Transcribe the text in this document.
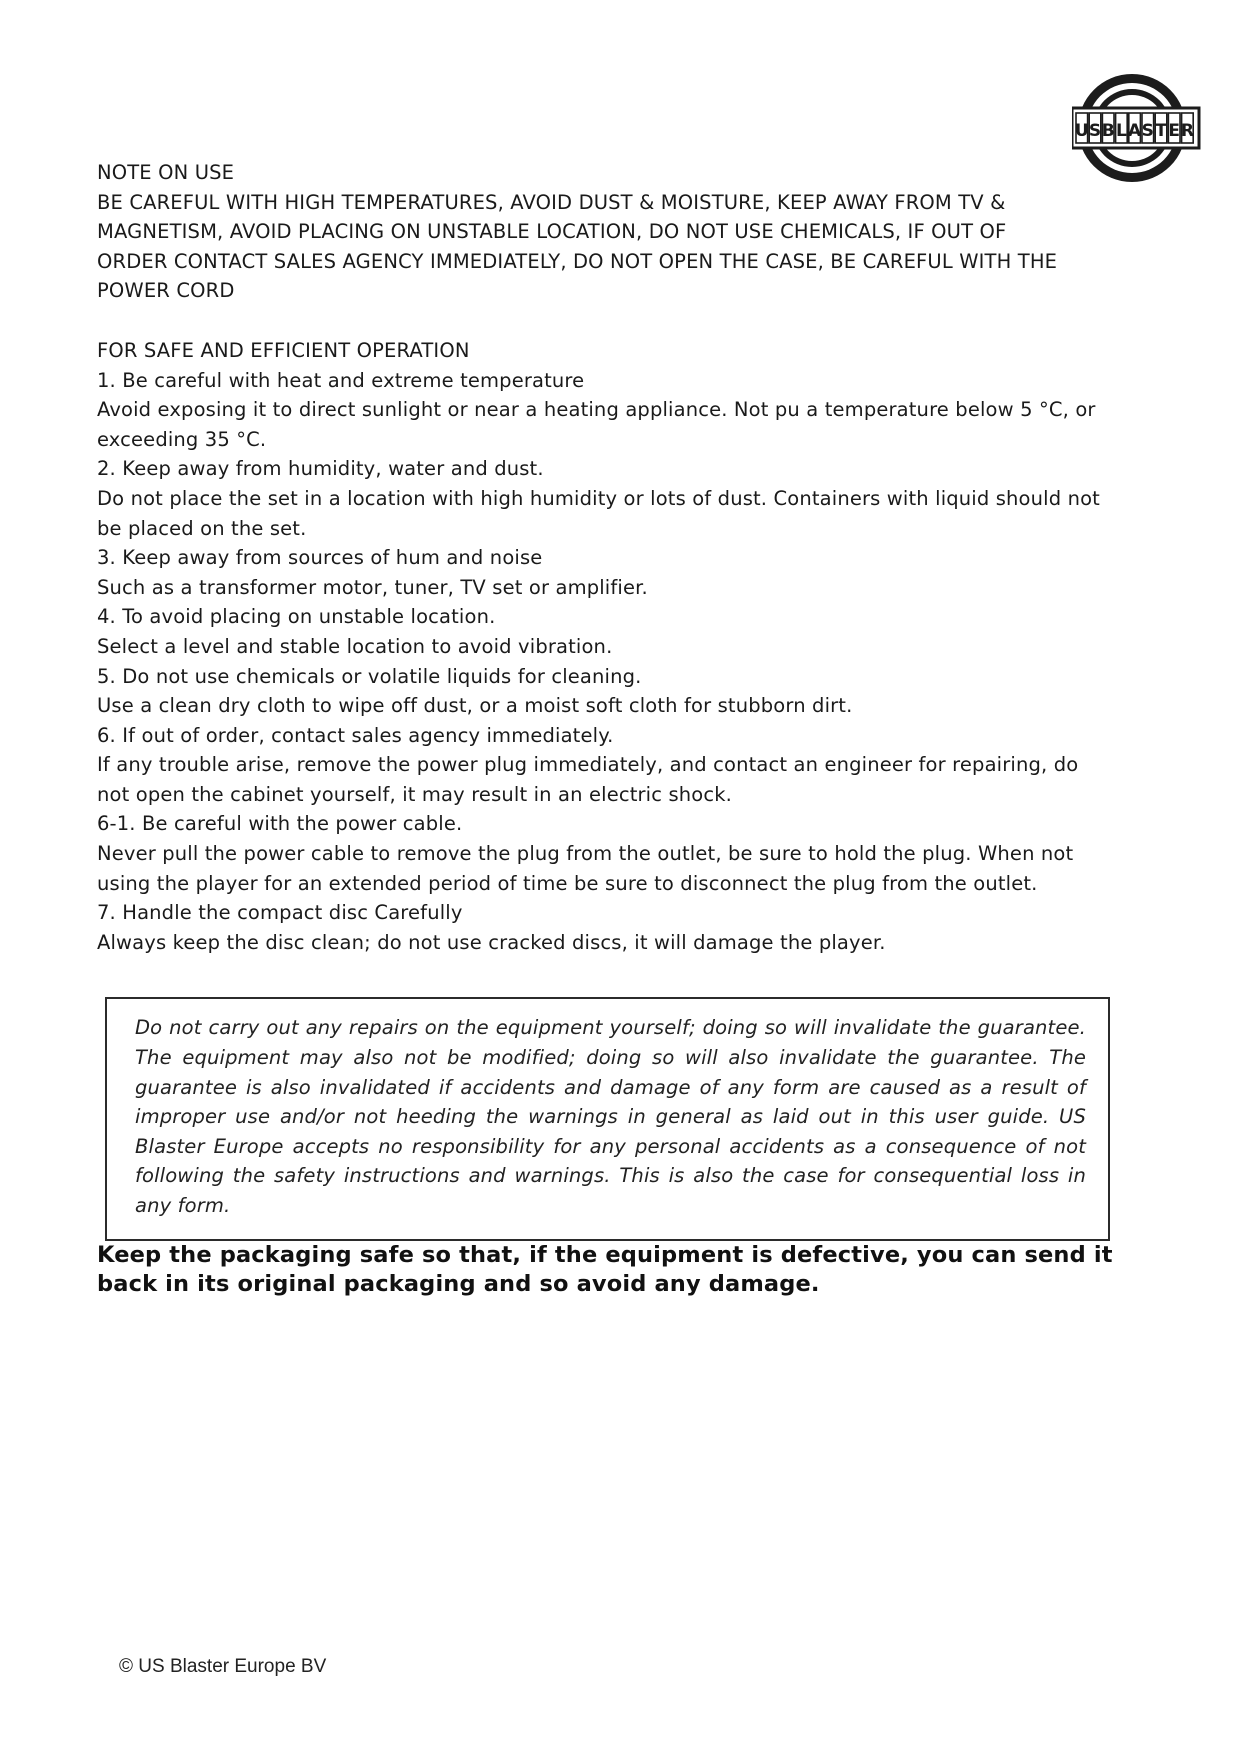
U S B L A S T E R

NOTE ON USE

BE CAREFUL WITH HIGH TEMPERATURES, AVOID DUST & MOISTURE, KEEP AWAY FROM TV &

MAGNETISM, AVOID PLACING ON UNSTABLE LOCATION, DO NOT USE CHEMICALS, IF OUT OF

ORDER CONTACT SALES AGENCY IMMEDIATELY, DO NOT OPEN THE CASE, BE CAREFUL WITH THE

POWER CORD

FOR SAFE AND EFFICIENT OPERATION

1. Be careful with heat and extreme temperature

Avoid exposing it to direct sunlight or near a heating appliance. Not pu a temperature below 5 °C, or

exceeding 35 °C.

2. Keep away from humidity, water and dust.

Do not place the set in a location with high humidity or lots of dust. Containers with liquid should not

be placed on the set.

3. Keep away from sources of hum and noise

Such as a transformer motor, tuner, TV set or amplifier.

4. To avoid placing on unstable location.

Select a level and stable location to avoid vibration.

5. Do not use chemicals or volatile liquids for cleaning.

Use a clean dry cloth to wipe off dust, or a moist soft cloth for stubborn dirt.

6. If out of order, contact sales agency immediately.

If any trouble arise, remove the power plug immediately, and contact an engineer for repairing, do

not open the cabinet yourself, it may result in an electric shock.

6-1. Be careful with the power cable.

Never pull the power cable to remove the plug from the outlet, be sure to hold the plug. When not

using the player for an extended period of time be sure to disconnect the plug from the outlet.

7. Handle the compact disc Carefully

Always keep the disc clean; do not use cracked discs, it will damage the player.

Do not carry out any repairs on the equipment yourself; doing so will invalidate the guarantee. The equipment may also not be modified; doing so will also invalidate the guarantee. The guarantee is also invalidated if accidents and damage of any form are caused as a result of improper use and/or not heeding the warnings in general as laid out in this user guide. US Blaster Europe accepts no responsibility for any personal accidents as a consequence of not following the safety instructions and warnings. This is also the case for consequential loss in any form.

Keep the packaging safe so that, if the equipment is defective, you can send it back in its original packaging and so avoid any damage.

© US Blaster Europe BV
